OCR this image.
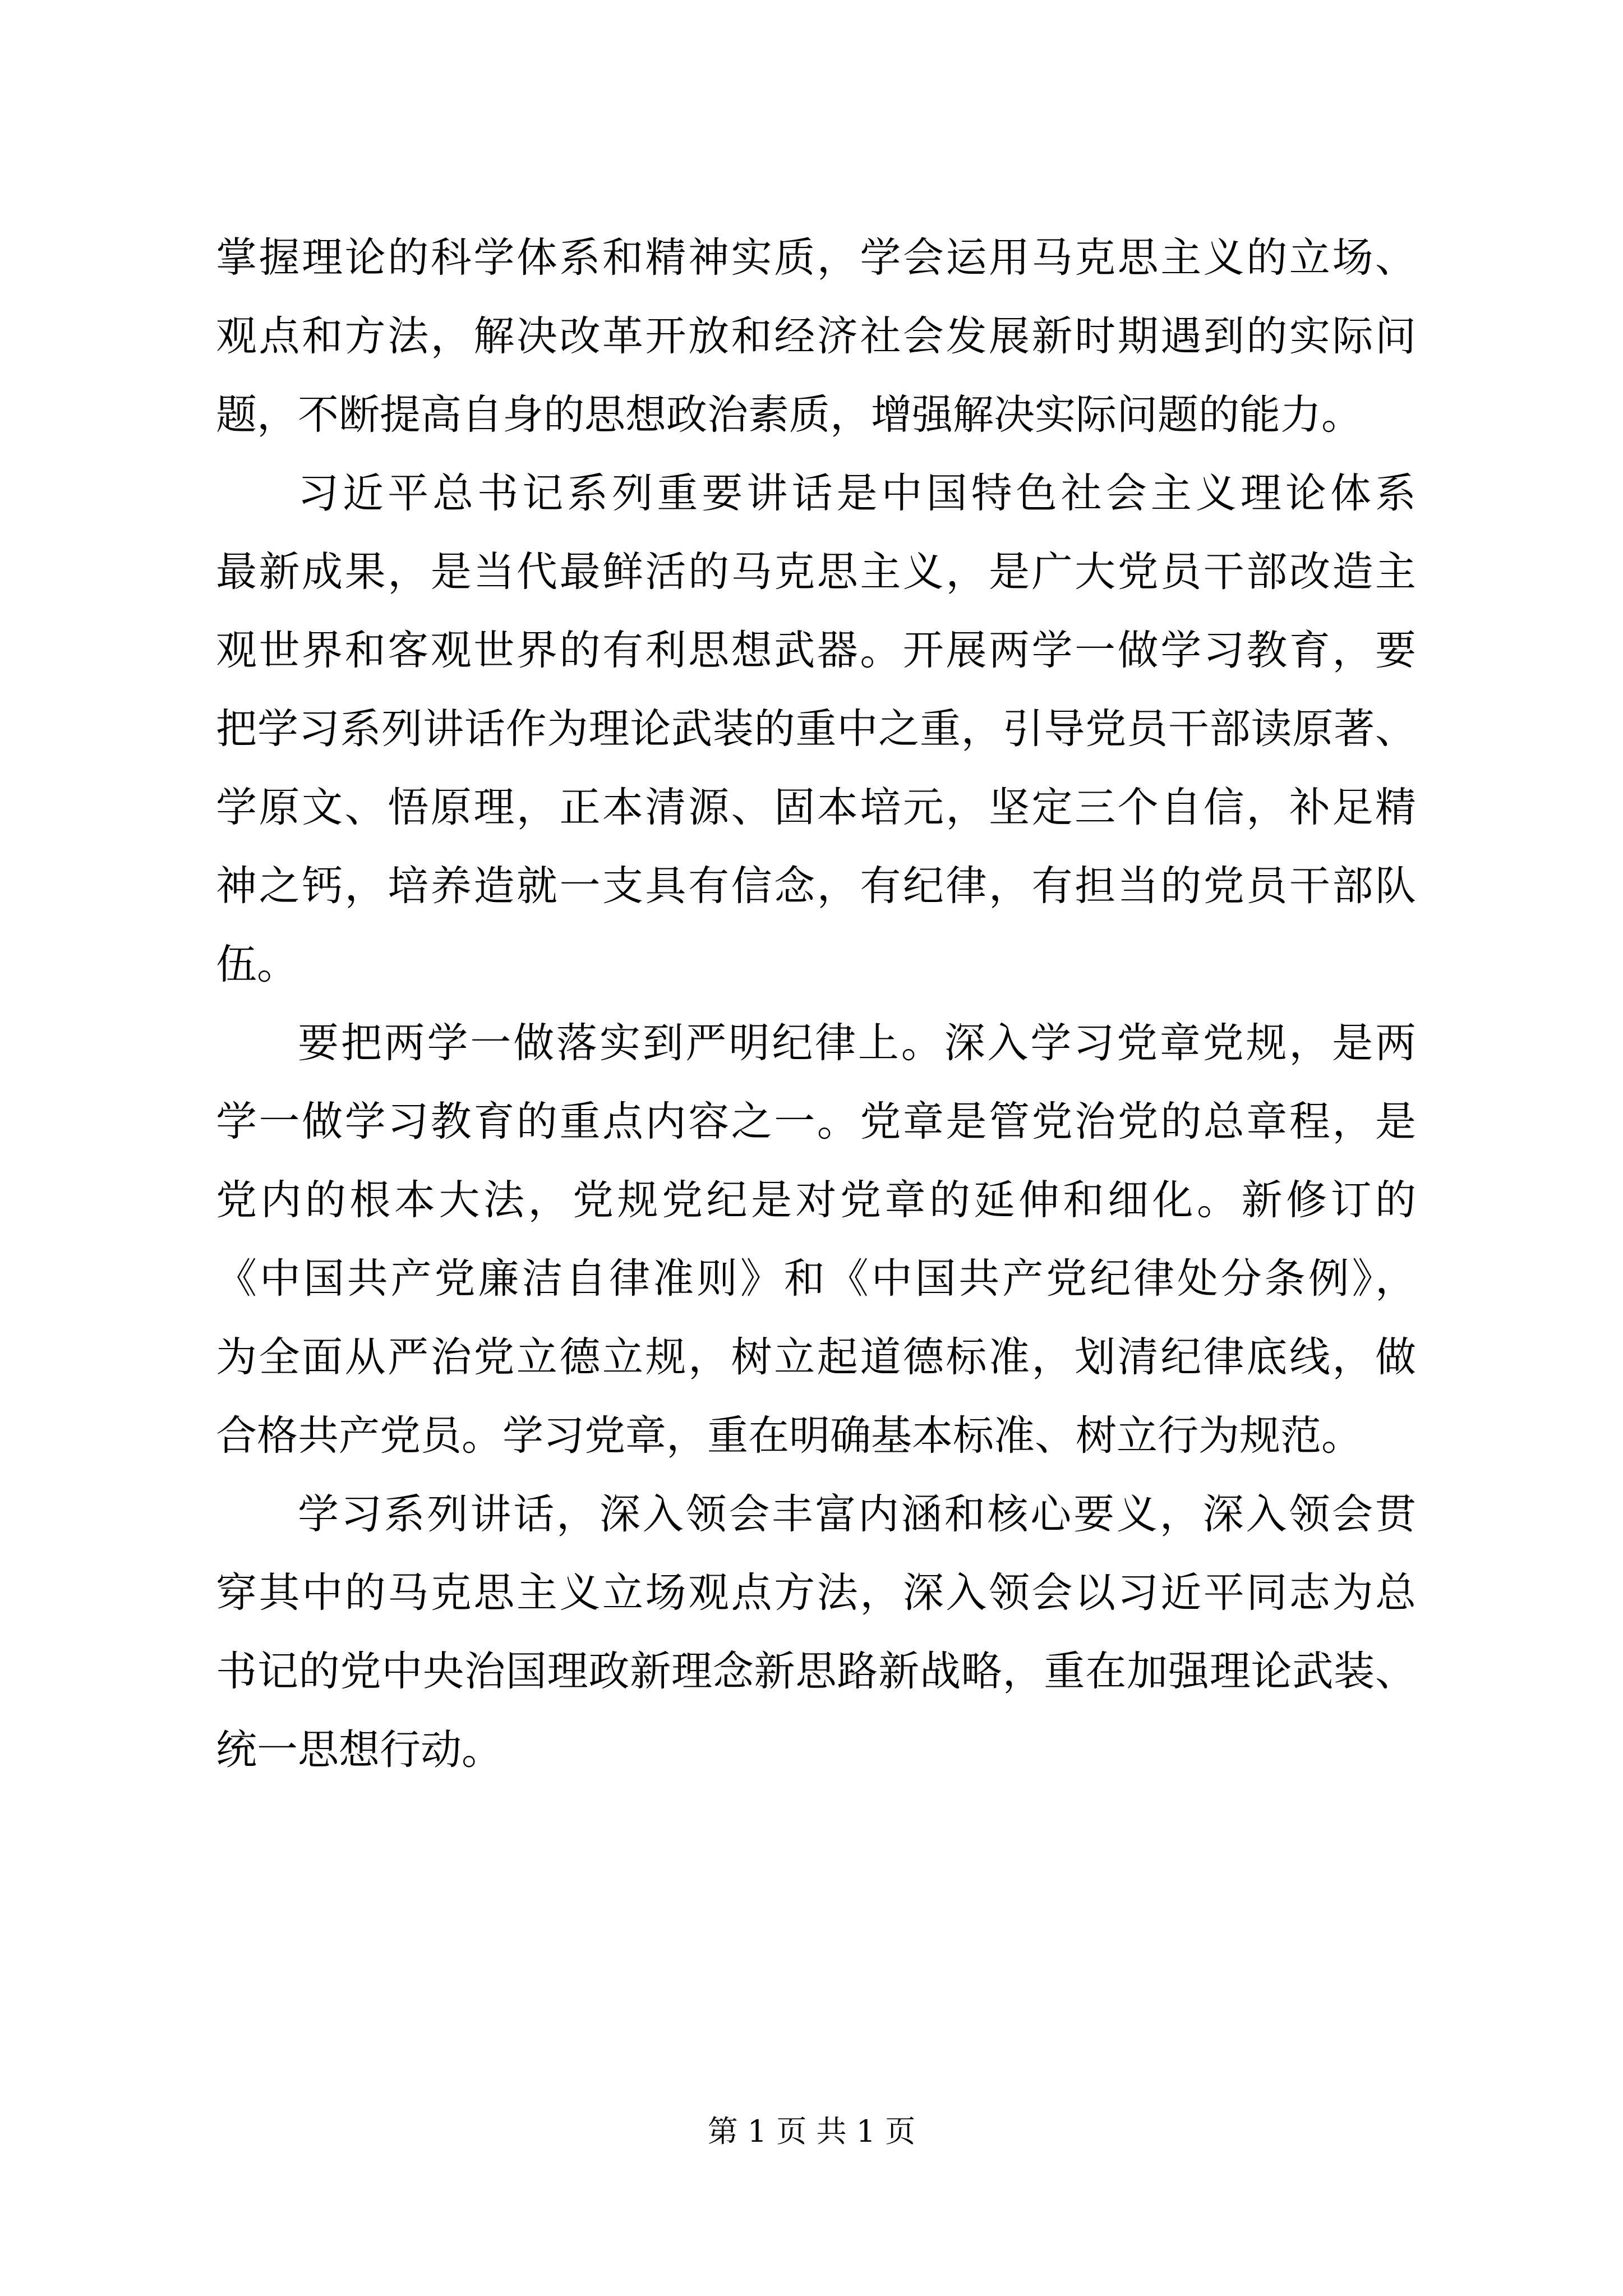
掌握理论的科学体系和精神实质，学会运用马克思主义的立场、
观点和方法，解决改革开放和经济社会发展新时期遇到的实际问
题，不断提高自身的思想政治素质，增强解决实际问题的能力。
习近平总书记系列重要讲话是中国特色社会主义理论体系
最新成果，是当代最鲜活的马克思主义，是广大党员干部改造主
观世界和客观世界的有利思想武器。开展两学一做学习教育，要
把学习系列讲话作为理论武装的重中之重，引导党员干部读原著、
学原文、悟原理，正本清源、固本培元，坚定三个自信，补足精
神之钙，培养造就一支具有信念，有纪律，有担当的党员干部队
伍。
要把两学一做落实到严明纪律上。深入学习党章党规，是两
学一做学习教育的重点内容之一。党章是管党治党的总章程，是
党内的根本大法，党规党纪是对党章的延伸和细化。新修订的
《中国共产党廉洁自律准则》和《中国共产党纪律处分条例》，
为全面从严治党立德立规，树立起道德标准，划清纪律底线，做
合格共产党员。学习党章，重在明确基本标准、树立行为规范。
学习系列讲话，深入领会丰富内涵和核心要义，深入领会贯
穿其中的马克思主义立场观点方法，深入领会以习近平同志为总
书记的党中央治国理政新理念新思路新战略，重在加强理论武装、
统一思想行动。
第 1 页 共 1 页
